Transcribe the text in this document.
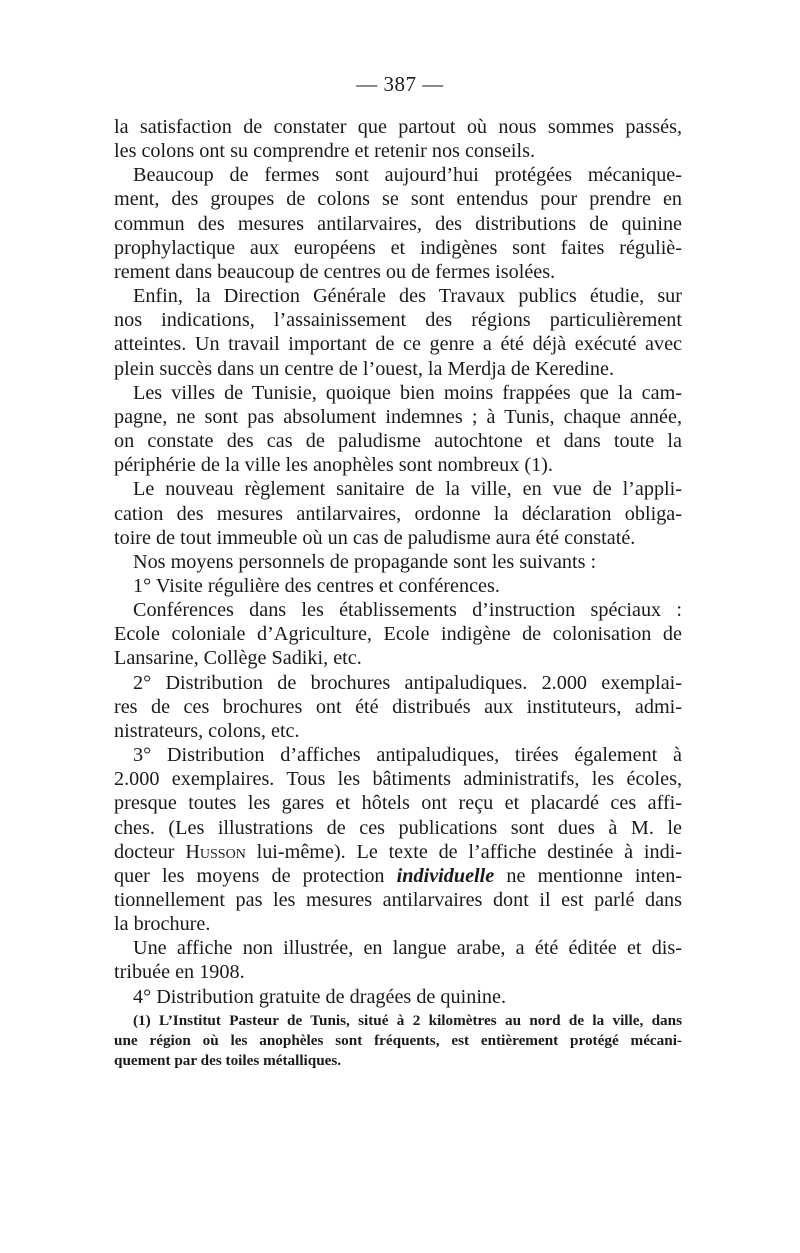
— 387 —
la satisfaction de constater que partout où nous sommes passés,
les colons ont su comprendre et retenir nos conseils.
Beaucoup de fermes sont aujourd’hui protégées mécanique-
ment, des groupes de colons se sont entendus pour prendre en
commun des mesures antilarvaires, des distributions de quinine
prophylactique aux européens et indigènes sont faites réguliè-
rement dans beaucoup de centres ou de fermes isolées.
Enfin, la Direction Générale des Travaux publics étudie, sur
nos indications, l’assainissement des régions particulièrement
atteintes. Un travail important de ce genre a été déjà exécuté avec
plein succès dans un centre de l’ouest, la Merdja de Keredine.
Les villes de Tunisie, quoique bien moins frappées que la cam-
pagne, ne sont pas absolument indemnes ; à Tunis, chaque année,
on constate des cas de paludisme autochtone et dans toute la
périphérie de la ville les anophèles sont nombreux (1).
Le nouveau règlement sanitaire de la ville, en vue de l’appli-
cation des mesures antilarvaires, ordonne la déclaration obliga-
toire de tout immeuble où un cas de paludisme aura été constaté.
Nos moyens personnels de propagande sont les suivants :
1° Visite régulière des centres et conférences.
Conférences dans les établissements d’instruction spéciaux :
Ecole coloniale d’Agriculture, Ecole indigène de colonisation de
Lansarine, Collège Sadiki, etc.
2° Distribution de brochures antipaludiques. 2.000 exemplai-
res de ces brochures ont été distribués aux instituteurs, admi-
nistrateurs, colons, etc.
3° Distribution d’affiches antipaludiques, tirées également à
2.000 exemplaires. Tous les bâtiments administratifs, les écoles,
presque toutes les gares et hôtels ont reçu et placardé ces affi-
ches. (Les illustrations de ces publications sont dues à M. le
docteur Husson lui-même). Le texte de l’affiche destinée à indi-
quer les moyens de protection individuelle ne mentionne inten-
tionnellement pas les mesures antilarvaires dont il est parlé dans
la brochure.
Une affiche non illustrée, en langue arabe, a été éditée et dis-
tribuée en 1908.
4° Distribution gratuite de dragées de quinine.
(1) L’Institut Pasteur de Tunis, situé à 2 kilomètres au nord de la ville, dans
une région où les anophèles sont fréquents, est entièrement protégé mécani-
quement par des toiles métalliques.
